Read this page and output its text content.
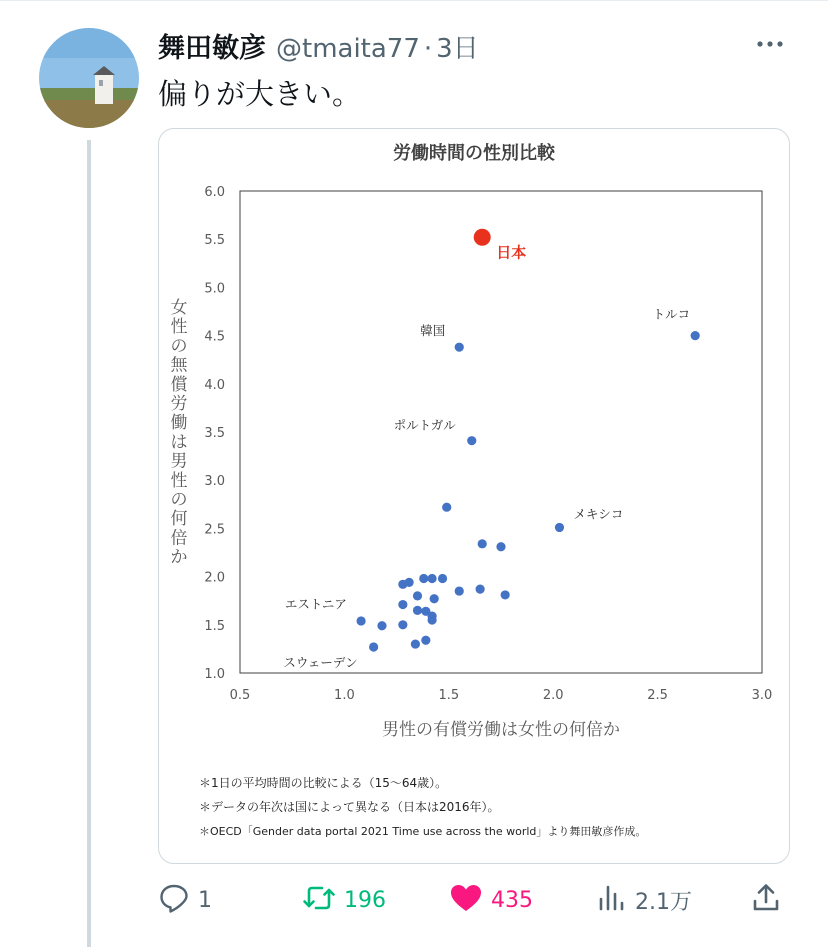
舞田敏彦 @tmaita77 · 3日
偏りが大きい。
労働時間の性別比較
男性の有償労働は女性の何倍か
女性の無償労働は男性の何倍か
0.5	1.0	1.5	2.0	2.5	3.0
1.0
1.5
2.0
2.5
3.0
3.5
4.0
4.5
5.0
5.5
6.0
日本
トルコ
韓国
ポルトガル
メキシコ
エストニア
スウェーデン
＊1日の平均時間の比較による（15～64歳）。
＊データの年次は国によって異なる（日本は2016年）。
＊OECD「Gender data portal 2021 Time use across the world」より舞田敏彦作成。
1	196	435	2.1万
